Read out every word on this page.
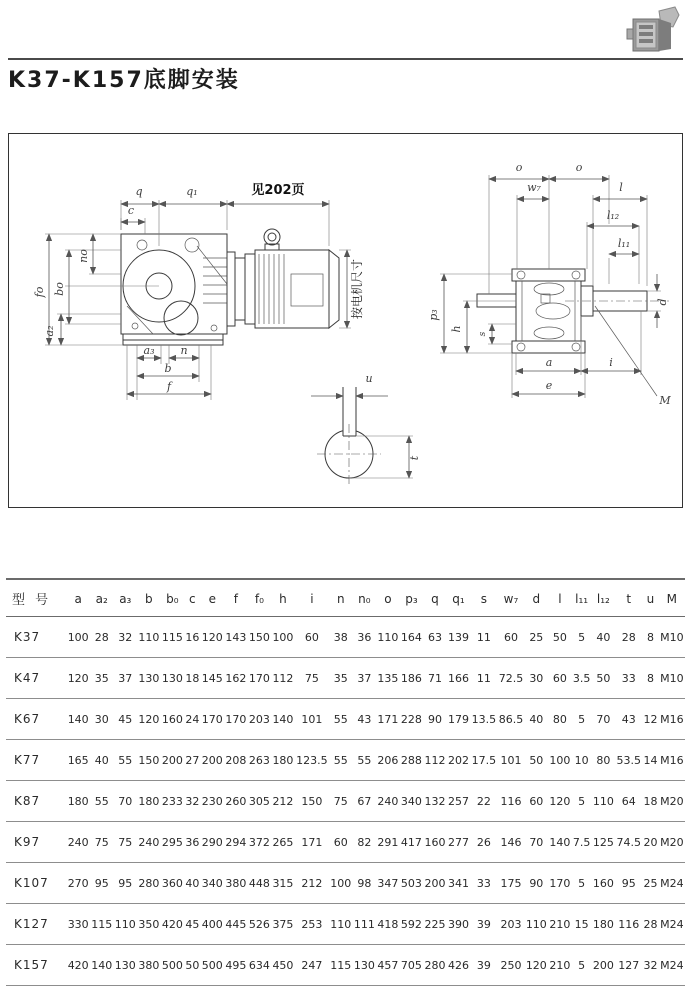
K37-K157底脚安装
q	q₁	见202页
c
fo bo
no
a₂
a₃ n
b
f
按电机尺寸
o	o
w₇	l
l₁₂
l₁₁
p₃
h
s
d
a	i
e
M
u
t
型 号	a	a₂	a₃	b	b₀	c	e	f	f₀	h	i	n	n₀	o	p₃	q	q₁	s	w₇	d	l	l₁₁	l₁₂	t	u	M
K37	100	28	32	110	115	16	120	143	150	100	60	38	36	110	164	63	139	11	60	25	50	5	40	28	8	M10
K47	120	35	37	130	130	18	145	162	170	112	75	35	37	135	186	71	166	11	72.5	30	60	3.5	50	33	8	M10
K67	140	30	45	120	160	24	170	170	203	140	101	55	43	171	228	90	179	13.5	86.5	40	80	5	70	43	12	M16
K77	165	40	55	150	200	27	200	208	263	180	123.5	55	55	206	288	112	202	17.5	101	50	100	10	80	53.5	14	M16
K87	180	55	70	180	233	32	230	260	305	212	150	75	67	240	340	132	257	22	116	60	120	5	110	64	18	M20
K97	240	75	75	240	295	36	290	294	372	265	171	60	82	291	417	160	277	26	146	70	140	7.5	125	74.5	20	M20
K107	270	95	95	280	360	40	340	380	448	315	212	100	98	347	503	200	341	33	175	90	170	5	160	95	25	M24
K127	330	115	110	350	420	45	400	445	526	375	253	110	111	418	592	225	390	39	203	110	210	15	180	116	28	M24
K157	420	140	130	380	500	50	500	495	634	450	247	115	130	457	705	280	426	39	250	120	210	5	200	127	32	M24
